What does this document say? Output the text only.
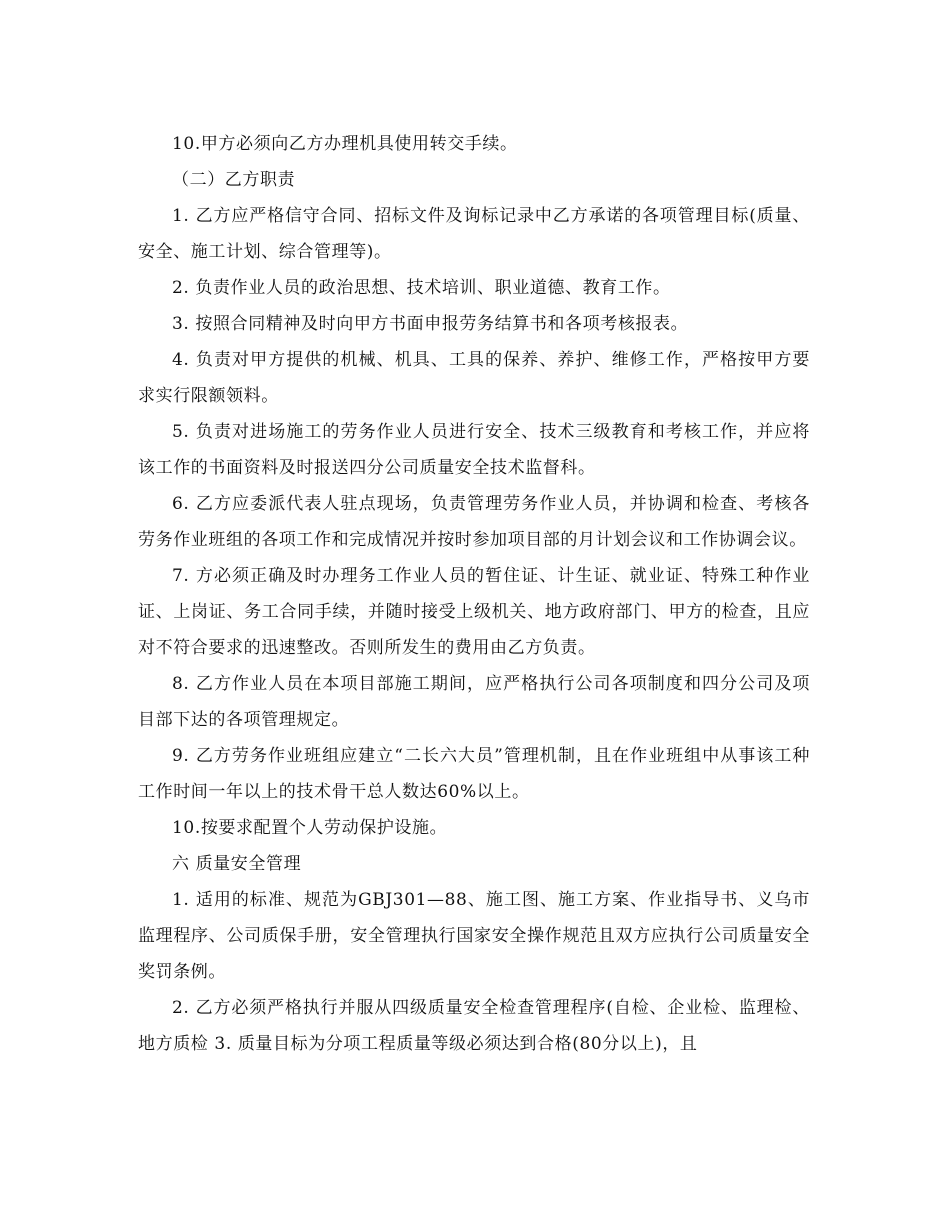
10.甲方必须向乙方办理机具使用转交手续。

（二）乙方职责

1. 乙方应严格信守合同、招标文件及询标记录中乙方承诺的各项管理目标(质量、安全、施工计划、综合管理等)。

2. 负责作业人员的政治思想、技术培训、职业道德、教育工作。

3. 按照合同精神及时向甲方书面申报劳务结算书和各项考核报表。

4. 负责对甲方提供的机械、机具、工具的保养、养护、维修工作，严格按甲方要求实行限额领料。

5. 负责对进场施工的劳务作业人员进行安全、技术三级教育和考核工作，并应将该工作的书面资料及时报送四分公司质量安全技术监督科。

6. 乙方应委派代表人驻点现场，负责管理劳务作业人员，并协调和检查、考核各劳务作业班组的各项工作和完成情况并按时参加项目部的月计划会议和工作协调会议。

7. 方必须正确及时办理务工作业人员的暂住证、计生证、就业证、特殊工种作业证、上岗证、务工合同手续，并随时接受上级机关、地方政府部门、甲方的检查，且应对不符合要求的迅速整改。否则所发生的费用由乙方负责。

8. 乙方作业人员在本项目部施工期间，应严格执行公司各项制度和四分公司及项目部下达的各项管理规定。

9. 乙方劳务作业班组应建立“二长六大员”管理机制，且在作业班组中从事该工种工作时间一年以上的技术骨干总人数达60%以上。

10.按要求配置个人劳动保护设施。

六 质量安全管理

1. 适用的标准、规范为GBJ301—88、施工图、施工方案、作业指导书、义乌市监理程序、公司质保手册，安全管理执行国家安全操作规范且双方应执行公司质量安全奖罚条例。

2. 乙方必须严格执行并服从四级质量安全检查管理程序(自检、企业检、监理检、地方质检 3. 质量目标为分项工程质量等级必须达到合格(80分以上)，且
